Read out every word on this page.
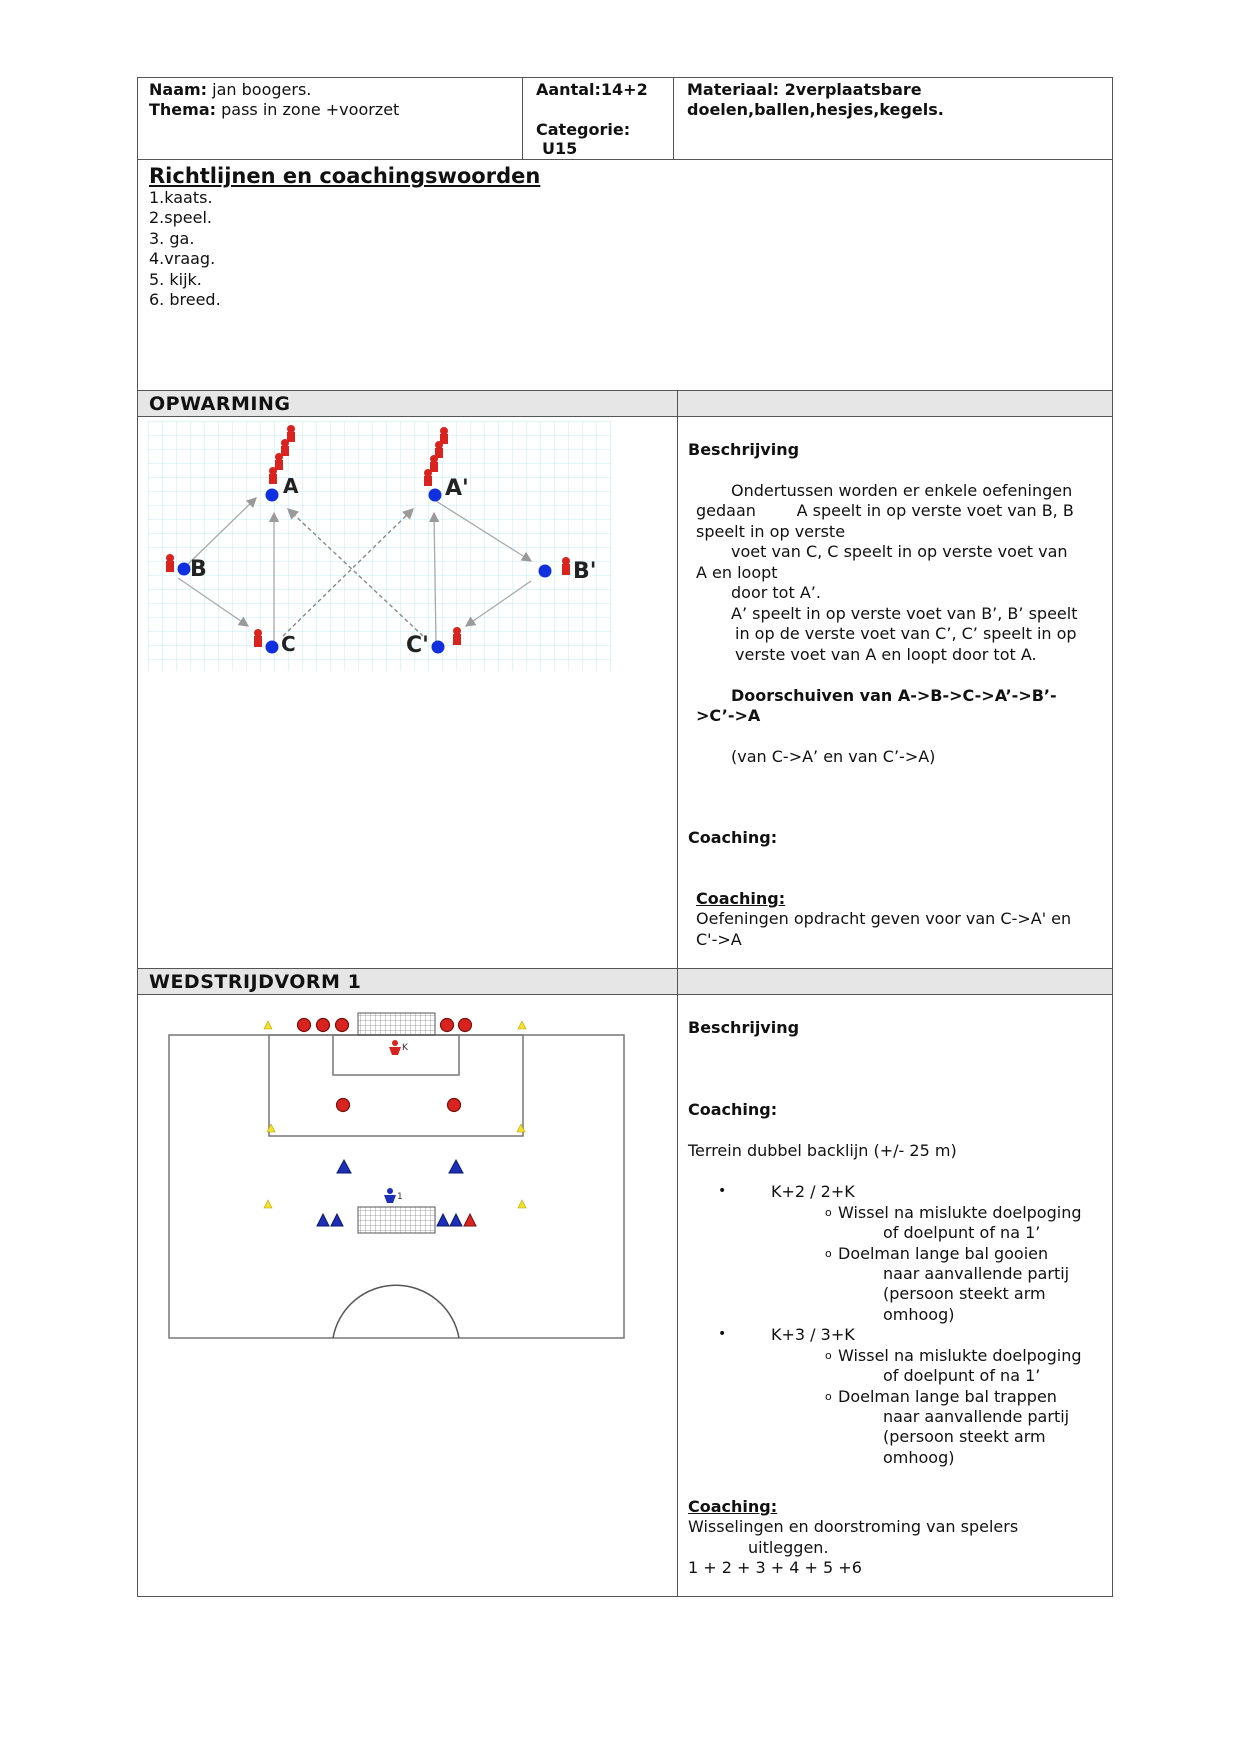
Naam: jan boogers.
Thema: pass in zone +voorzet
Aantal:14+2
Categorie:
U15
Materiaal: 2verplaatsbare
doelen,ballen,hesjes,kegels.
Richtlijnen en coachingswoorden
1.kaats.
2.speel.
3. ga.
4.vraag.
5. kijk.
6. breed.
OPWARMING
A	A'
B	B'
C	C'
Beschrijving
Ondertussen worden er enkele oefeningen
gedaan        A speelt in op verste voet van B, B
speelt in op verste
voet van C, C speelt in op verste voet van
A en loopt
door tot A’.
A’ speelt in op verste voet van B’, B’ speelt
in op de verste voet van C’, C’ speelt in op
verste voet van A en loopt door tot A.
Doorschuiven van A->B->C->A’->B’-
>C’->A
(van C->A’ en van C’->A)
Coaching:
Coaching:
Oefeningen opdracht geven voor van C->A' en
C'->A
WEDSTRIJDVORM 1
K
1
Beschrijving
Coaching:
Terrein dubbel backlijn (+/- 25 m)
•	K+2 / 2+K
o Wissel na mislukte doelpoging
of doelpunt of na 1’
o Doelman lange bal gooien
naar aanvallende partij
(persoon steekt arm
omhoog)
•	K+3 / 3+K
o Wissel na mislukte doelpoging
of doelpunt of na 1’
o Doelman lange bal trappen
naar aanvallende partij
(persoon steekt arm
omhoog)
Coaching:
Wisselingen en doorstroming van spelers
uitleggen.
1 + 2 + 3 + 4 + 5 +6
